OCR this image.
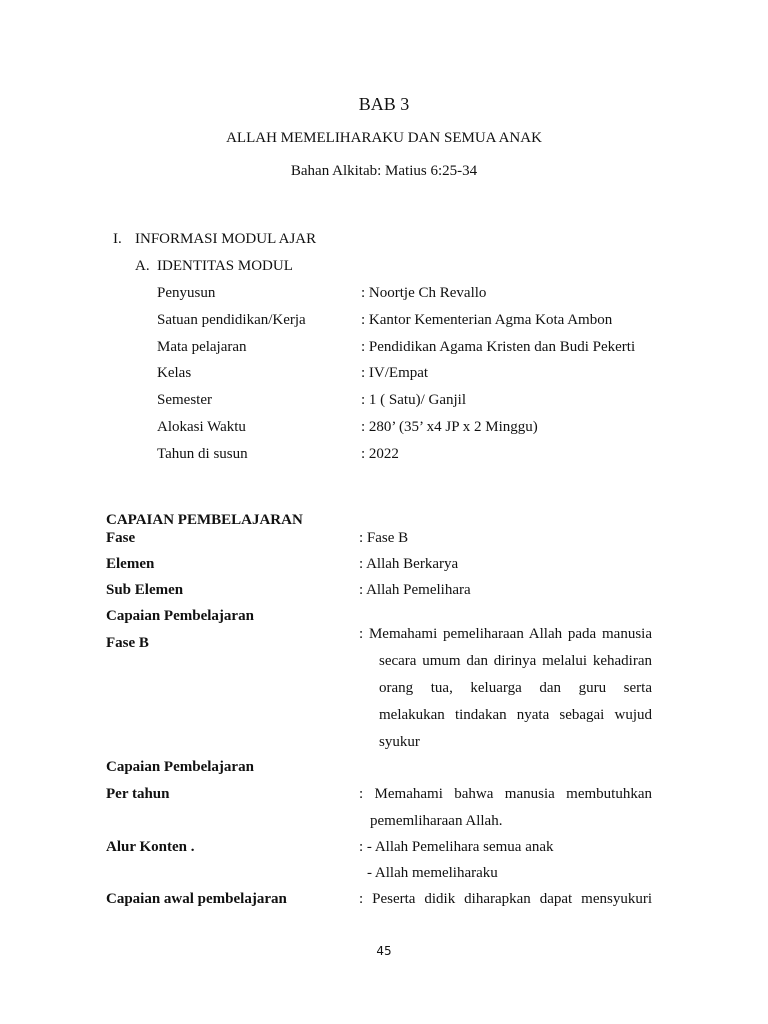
BAB 3
ALLAH MEMELIHARAKU DAN SEMUA ANAK
Bahan Alkitab: Matius 6:25-34
I. INFORMASI MODUL AJAR
A. IDENTITAS MODUL
Penyusun	: Noortje Ch Revallo
Satuan pendidikan/Kerja	: Kantor Kementerian Agma Kota Ambon
Mata pelajaran	: Pendidikan Agama Kristen dan Budi Pekerti
Kelas	: IV/Empat
Semester	: 1 ( Satu)/ Ganjil
Alokasi Waktu	: 280’ (35’ x4 JP x 2 Minggu)
Tahun di susun	: 2022
CAPAIAN PEMBELAJARAN
Fase	: Fase B
Elemen	: Allah Berkarya
Sub Elemen	: Allah Pemelihara
Capaian Pembelajaran
Fase B
: Memahami pemeliharaan Allah pada manusia
secara umum dan dirinya melalui kehadiran
orang tua, keluarga dan guru serta
melakukan tindakan nyata sebagai wujud
syukur
Capaian Pembelajaran
Per tahun	: Memahami bahwa manusia membutuhkan
pememliharaan Allah.
Alur Konten .	: - Allah Pemelihara semua anak
- Allah memeliharaku
Capaian awal pembelajaran	: Peserta didik diharapkan dapat mensyukuri
45
